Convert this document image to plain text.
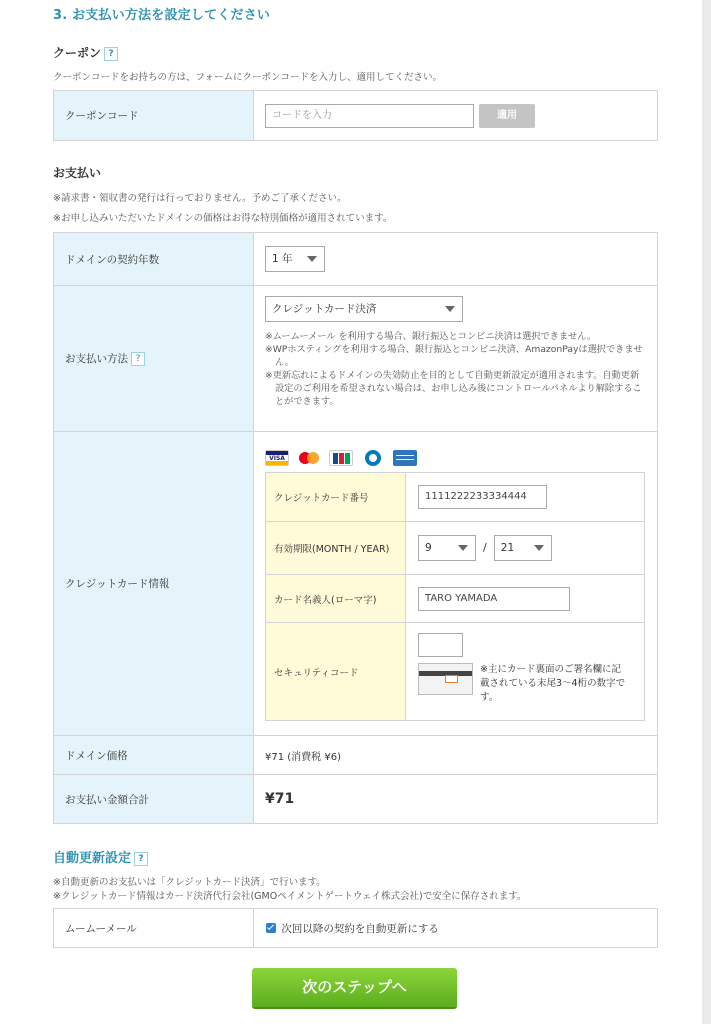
3. お支払い方法を設定してください
クーポン ?
クーポンコードをお持ちの方は、フォームにクーポンコードを入力し、適用してください。
クーポンコード	コードを入力	適用
お支払い
※請求書・領収書の発行は行っておりません。予めご了承ください。
※お申し込みいただいたドメインの価格はお得な特別価格が適用されています。
ドメインの契約年数	1 年

お支払い方法 ?	クレジットカード決済
※ムームーメール を利用する場合、銀行振込とコンビニ決済は選択できません。
※WPホスティングを利用する場合、銀行振込とコンビニ決済、AmazonPayは選択できません。
※更新忘れによるドメインの失効防止を目的として自動更新設定が適用されます。自動更新設定のご利用を希望されない場合は、お申し込み後にコントロールパネルより解除することができます。

クレジットカード情報	
VISA
クレジットカード番号	1111222233334444
有効期限(MONTH / YEAR)	9	/ 21

カード名義人(ローマ字)	TARO YAMADA
セキュリティコード	※主にカード裏面のご署名欄に記載されている末尾3～4桁の数字です。

ドメイン価格	¥71 (消費税 ¥6)
お支払い金額合計	¥71
自動更新設定 ?
※自動更新のお支払いは「クレジットカード決済」で行います。
※クレジットカード情報はカード決済代行会社(GMOペイメントゲートウェイ株式会社)で安全に保存されます。
ムームーメール	次回以降の契約を自動更新にする
次のステップへ
